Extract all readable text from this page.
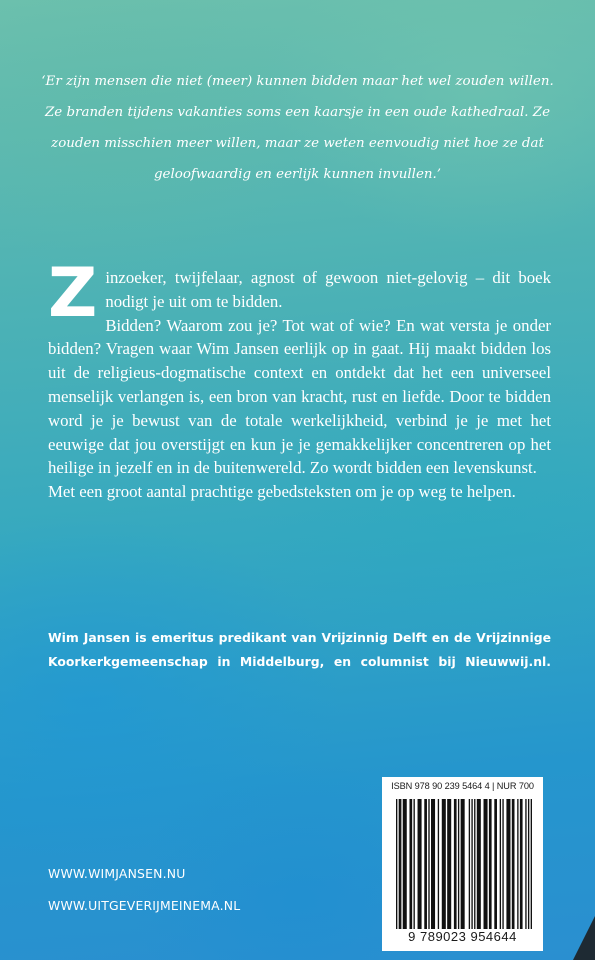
‘Er zijn mensen die niet (meer) kunnen bidden maar het wel zouden willen.
Ze branden tijdens vakanties soms een kaarsje in een oude kathedraal. Ze
zouden misschien meer willen, maar ze weten eenvoudig niet hoe ze dat
geloofwaardig en eerlijk kunnen invullen.’
Z inzoeker, twijfelaar, agnost of gewoon niet-gelovig – dit boek nodigt je uit om te bidden.

Bidden? Waarom zou je? Tot wat of wie? En wat versta je onder bidden? Vragen waar Wim Jansen eerlijk op in gaat. Hij maakt bidden los uit de religieus-dogmatische context en ontdekt dat het een universeel menselijk verlangen is, een bron van kracht, rust en liefde. Door te bidden word je je bewust van de totale werkelijkheid, verbind je je met het eeuwige dat jou overstijgt en kun je je gemakkelijker concentreren op het heilige in jezelf en in de buitenwereld. Zo wordt bidden een levenskunst.

Met een groot aantal prachtige gebedsteksten om je op weg te helpen.

Wim Jansen is emeritus predikant van Vrijzinnig Delft en de Vrijzinnige
Koorkerkgemeenschap in Middelburg, en columnist bij Nieuwwij.nl.
ISBN 978 90 239 5464 4 | NUR 700
9 789023 954644
WWW.WIMJANSEN.NU
WWW.UITGEVERIJMEINEMA.NL
